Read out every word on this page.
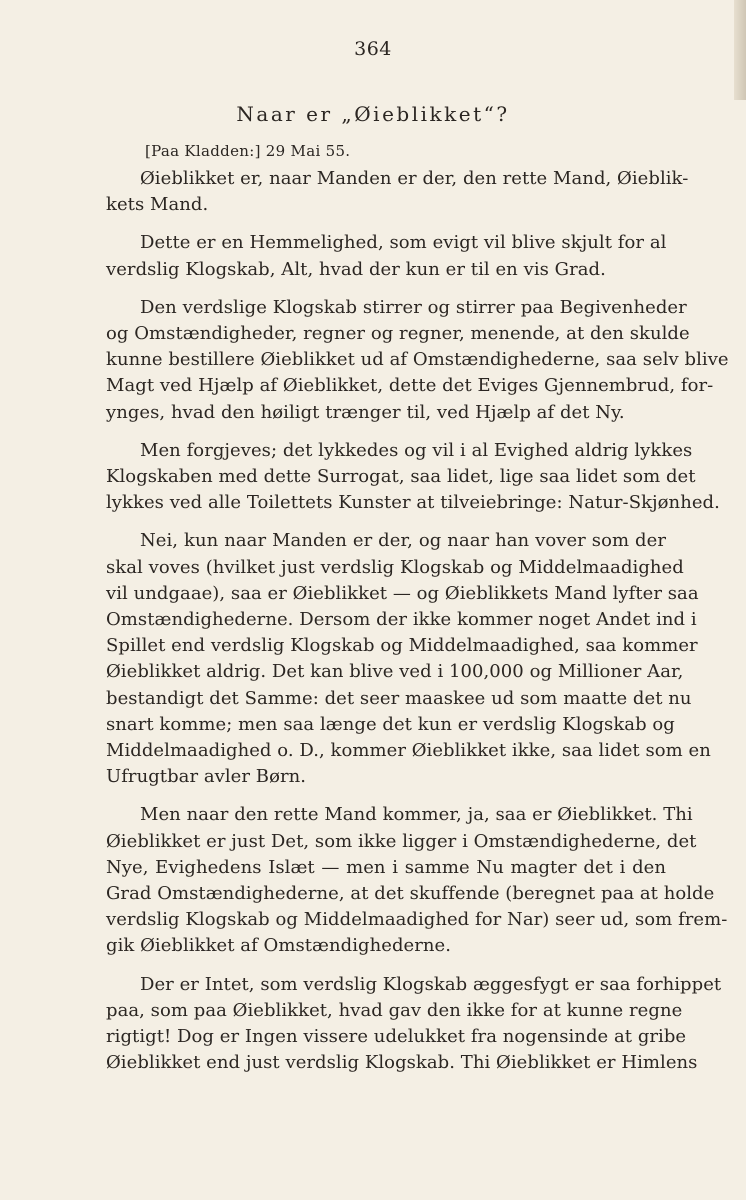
364
Naar er „Øieblikket“?
[Paa Kladden:] 29 Mai 55.
Øieblikket er, naar Manden er der, den rette Mand, Øieblik-
kets Mand.
Dette er en Hemmelighed, som evigt vil blive skjult for al
verdslig Klogskab, Alt, hvad der kun er til en vis Grad.
Den verdslige Klogskab stirrer og stirrer paa Begivenheder
og Omstændigheder, regner og regner, menende, at den skulde
kunne bestillere Øieblikket ud af Omstændighederne, saa selv blive
Magt ved Hjælp af Øieblikket, dette det Eviges Gjennembrud, for-
ynges, hvad den høiligt trænger til, ved Hjælp af det Ny.
Men forgjeves; det lykkedes og vil i al Evighed aldrig lykkes
Klogskaben med dette Surrogat, saa lidet, lige saa lidet som det
lykkes ved alle Toilettets Kunster at tilveiebringe: Natur-Skjønhed.
Nei, kun naar Manden er der, og naar han vover som der
skal voves (hvilket just verdslig Klogskab og Middelmaadighed
vil undgaae), saa er Øieblikket — og Øieblikkets Mand lyfter saa
Omstændighederne. Dersom der ikke kommer noget Andet ind i
Spillet end verdslig Klogskab og Middelmaadighed, saa kommer
Øieblikket aldrig. Det kan blive ved i 100,000 og Millioner Aar,
bestandigt det Samme: det seer maaskee ud som maatte det nu
snart komme; men saa længe det kun er verdslig Klogskab og
Middelmaadighed o. D., kommer Øieblikket ikke, saa lidet som en
Ufrugtbar avler Børn.
Men naar den rette Mand kommer, ja, saa er Øieblikket. Thi
Øieblikket er just Det, som ikke ligger i Omstændighederne, det
Nye, Evighedens Islæt — men i samme Nu magter det i den
Grad Omstændighederne, at det skuffende (beregnet paa at holde
verdslig Klogskab og Middelmaadighed for Nar) seer ud, som frem-
gik Øieblikket af Omstændighederne.
Der er Intet, som verdslig Klogskab æggesfygt er saa forhippet
paa, som paa Øieblikket, hvad gav den ikke for at kunne regne
rigtigt! Dog er Ingen vissere udelukket fra nogensinde at gribe
Øieblikket end just verdslig Klogskab. Thi Øieblikket er Himlens
